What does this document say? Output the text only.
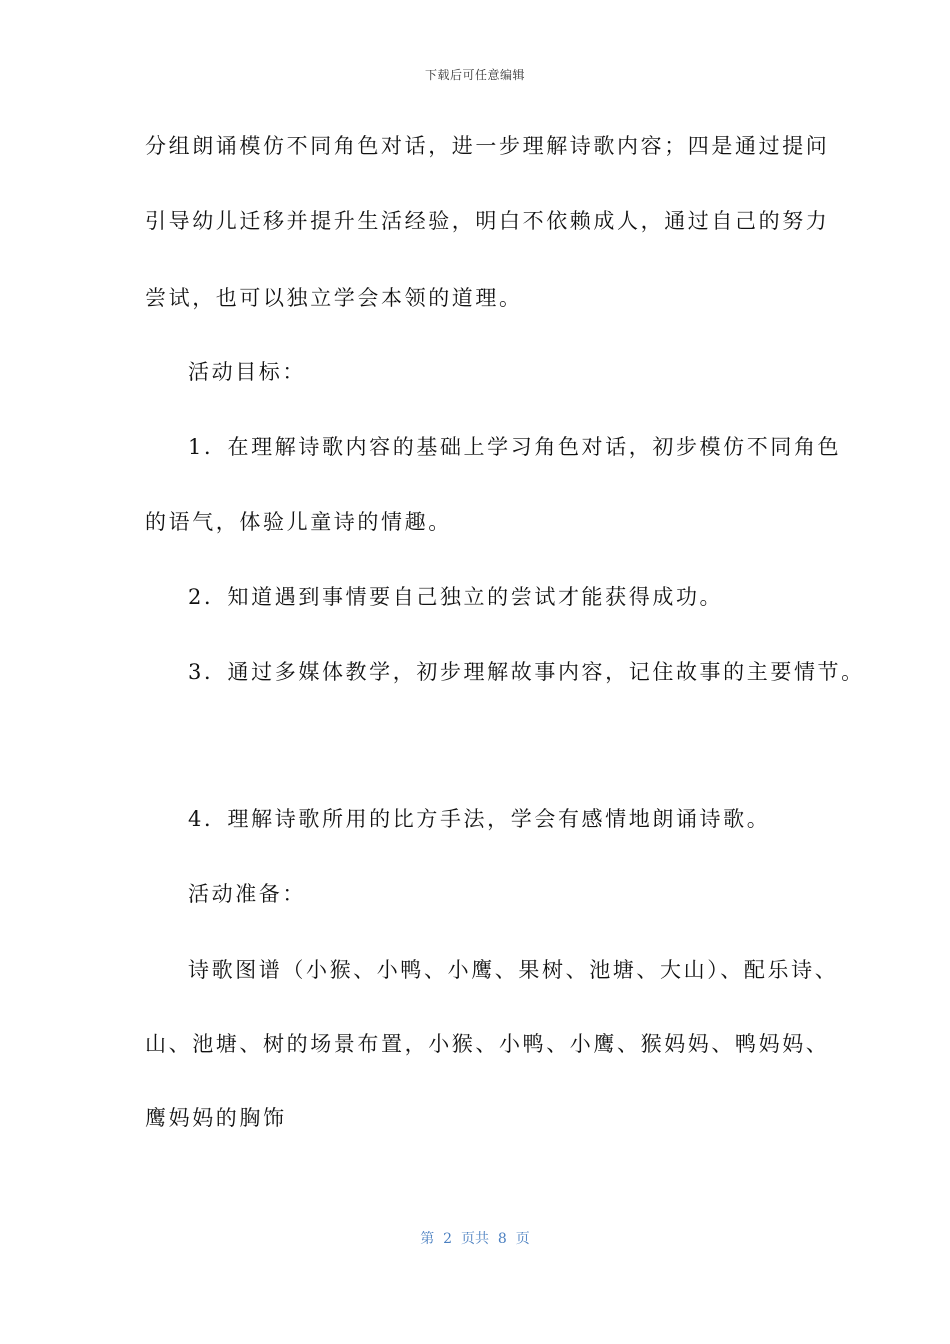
下载后可任意编辑
分组朗诵模仿不同角色对话，进一步理解诗歌内容；四是通过提问
引导幼儿迁移并提升生活经验，明白不依赖成人，通过自己的努力
尝试，也可以独立学会本领的道理。
活动目标：
1．在理解诗歌内容的基础上学习角色对话，初步模仿不同角色
的语气，体验儿童诗的情趣。
2．知道遇到事情要自己独立的尝试才能获得成功。
3．通过多媒体教学，初步理解故事内容，记住故事的主要情节。
4．理解诗歌所用的比方手法，学会有感情地朗诵诗歌。
活动准备：
诗歌图谱（小猴、小鸭、小鹰、果树、池塘、大山）、配乐诗、
山、池塘、树的场景布置，小猴、小鸭、小鹰、猴妈妈、鸭妈妈、
鹰妈妈的胸饰
第  2  页共  8  页
